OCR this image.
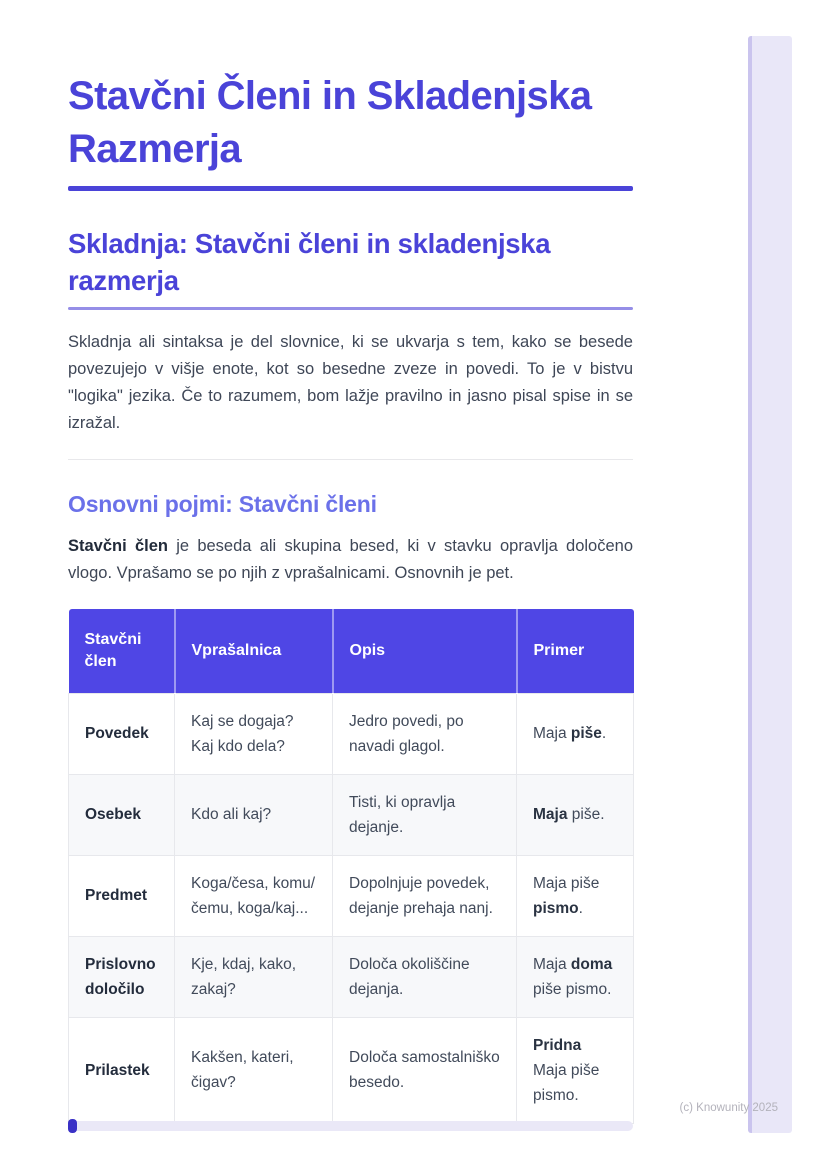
Stavčni Členi in Skladenjska Razmerja
Skladnja: Stavčni členi in skladenjska razmerja

Skladnja ali sintaksa je del slovnice, ki se ukvarja s tem, kako se besede povezujejo v višje enote, kot so besedne zveze in povedi. To je v bistvu "logika" jezika. Če to razumem, bom lažje pravilno in jasno pisal spise in se izražal.

Osnovni pojmi: Stavčni členi

Stavčni člen je beseda ali skupina besed, ki v stavku opravlja določeno vlogo. Vprašamo se po njih z vprašalnicami. Osnovnih je pet.

Stavčni člen	Vprašalnica	Opis	Primer
Povedek	Kaj se dogaja? Kaj kdo dela?	Jedro povedi, po navadi glagol.	Maja piše.
Osebek	Kdo ali kaj?	Tisti, ki opravlja dejanje.	Maja piše.
Predmet	Koga/česa, komu/čemu, koga/kaj...	Dopolnjuje povedek, dejanje prehaja nanj.	Maja piše pismo.
Prislovno določilo	Kje, kdaj, kako, zakaj?	Določa okoliščine dejanja.	Maja doma piše pismo.
Prilastek	Kakšen, kateri, čigav?	Določa samostalniško besedo.	Pridna Maja piše pismo.
(c) Knowunity 2025
